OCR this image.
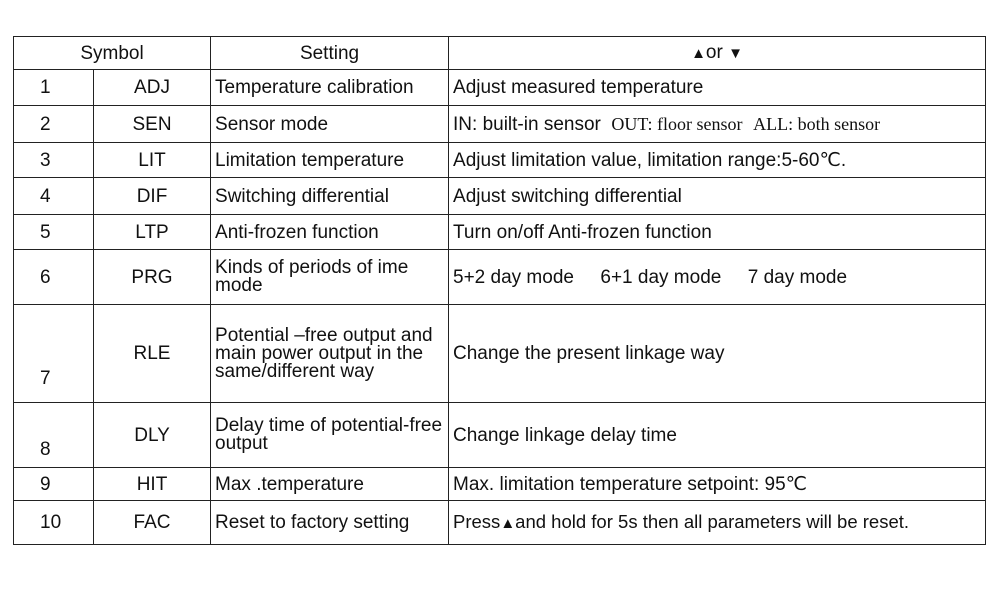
Symbol		Setting	▲or ▼
1	ADJ	Temperature calibration	Adjust measured temperature
2	SEN	Sensor mode	IN: built-in sensor OUT: floor sensor ALL: both sensor
3	LIT	Limitation temperature	Adjust limitation value, limitation range:5-60℃.
4	DIF	Switching differential	Adjust switching differential
5	LTP	Anti-frozen function	Turn on/off Anti-frozen function
6	PRG	Kinds of periods of ime mode	5+2 day mode 6+1 day mode 7 day mode
7	RLE	Potential –free output and main power output in the same/different way	Change the present linkage way
8	DLY	Delay time of potential-free output	Change linkage delay time
9	HIT	Max .temperature	Max. limitation temperature setpoint: 95℃
10	FAC	Reset to factory setting	Press▲and hold for 5s then all parameters will be reset.
